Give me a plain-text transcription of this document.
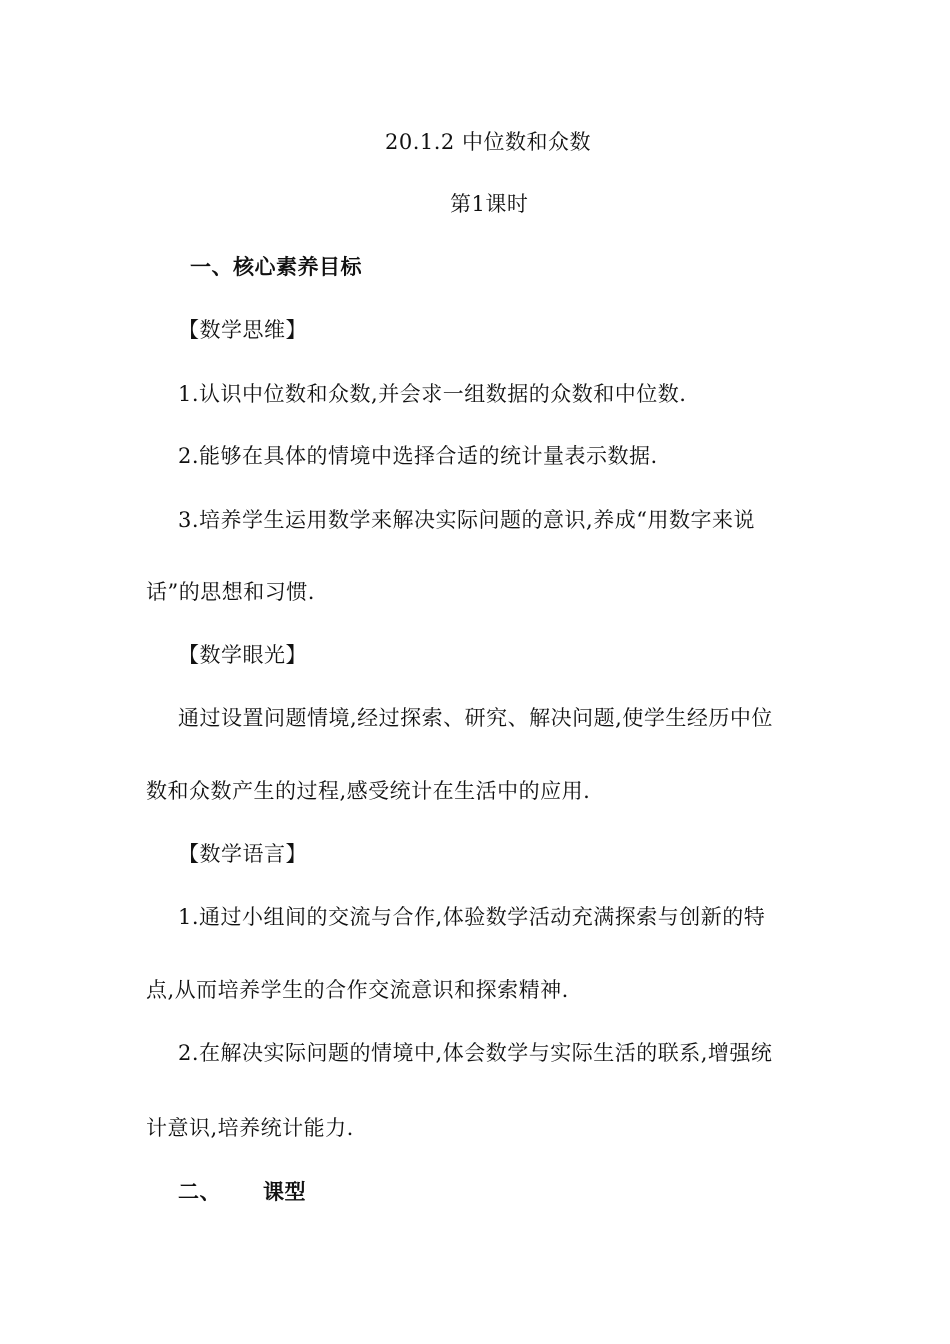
20.1.2 中位数和众数
第1课时
一、核心素养目标
【数学思维】
1.认识中位数和众数,并会求一组数据的众数和中位数.
2.能够在具体的情境中选择合适的统计量表示数据.
3.培养学生运用数学来解决实际问题的意识,养成“用数字来说
话”的思想和习惯.
【数学眼光】
通过设置问题情境,经过探索、研究、解决问题,使学生经历中位
数和众数产生的过程,感受统计在生活中的应用.
【数学语言】
1.通过小组间的交流与合作,体验数学活动充满探索与创新的特
点,从而培养学生的合作交流意识和探索精神.
2.在解决实际问题的情境中,体会数学与实际生活的联系,增强统
计意识,培养统计能力.
二、 课型
